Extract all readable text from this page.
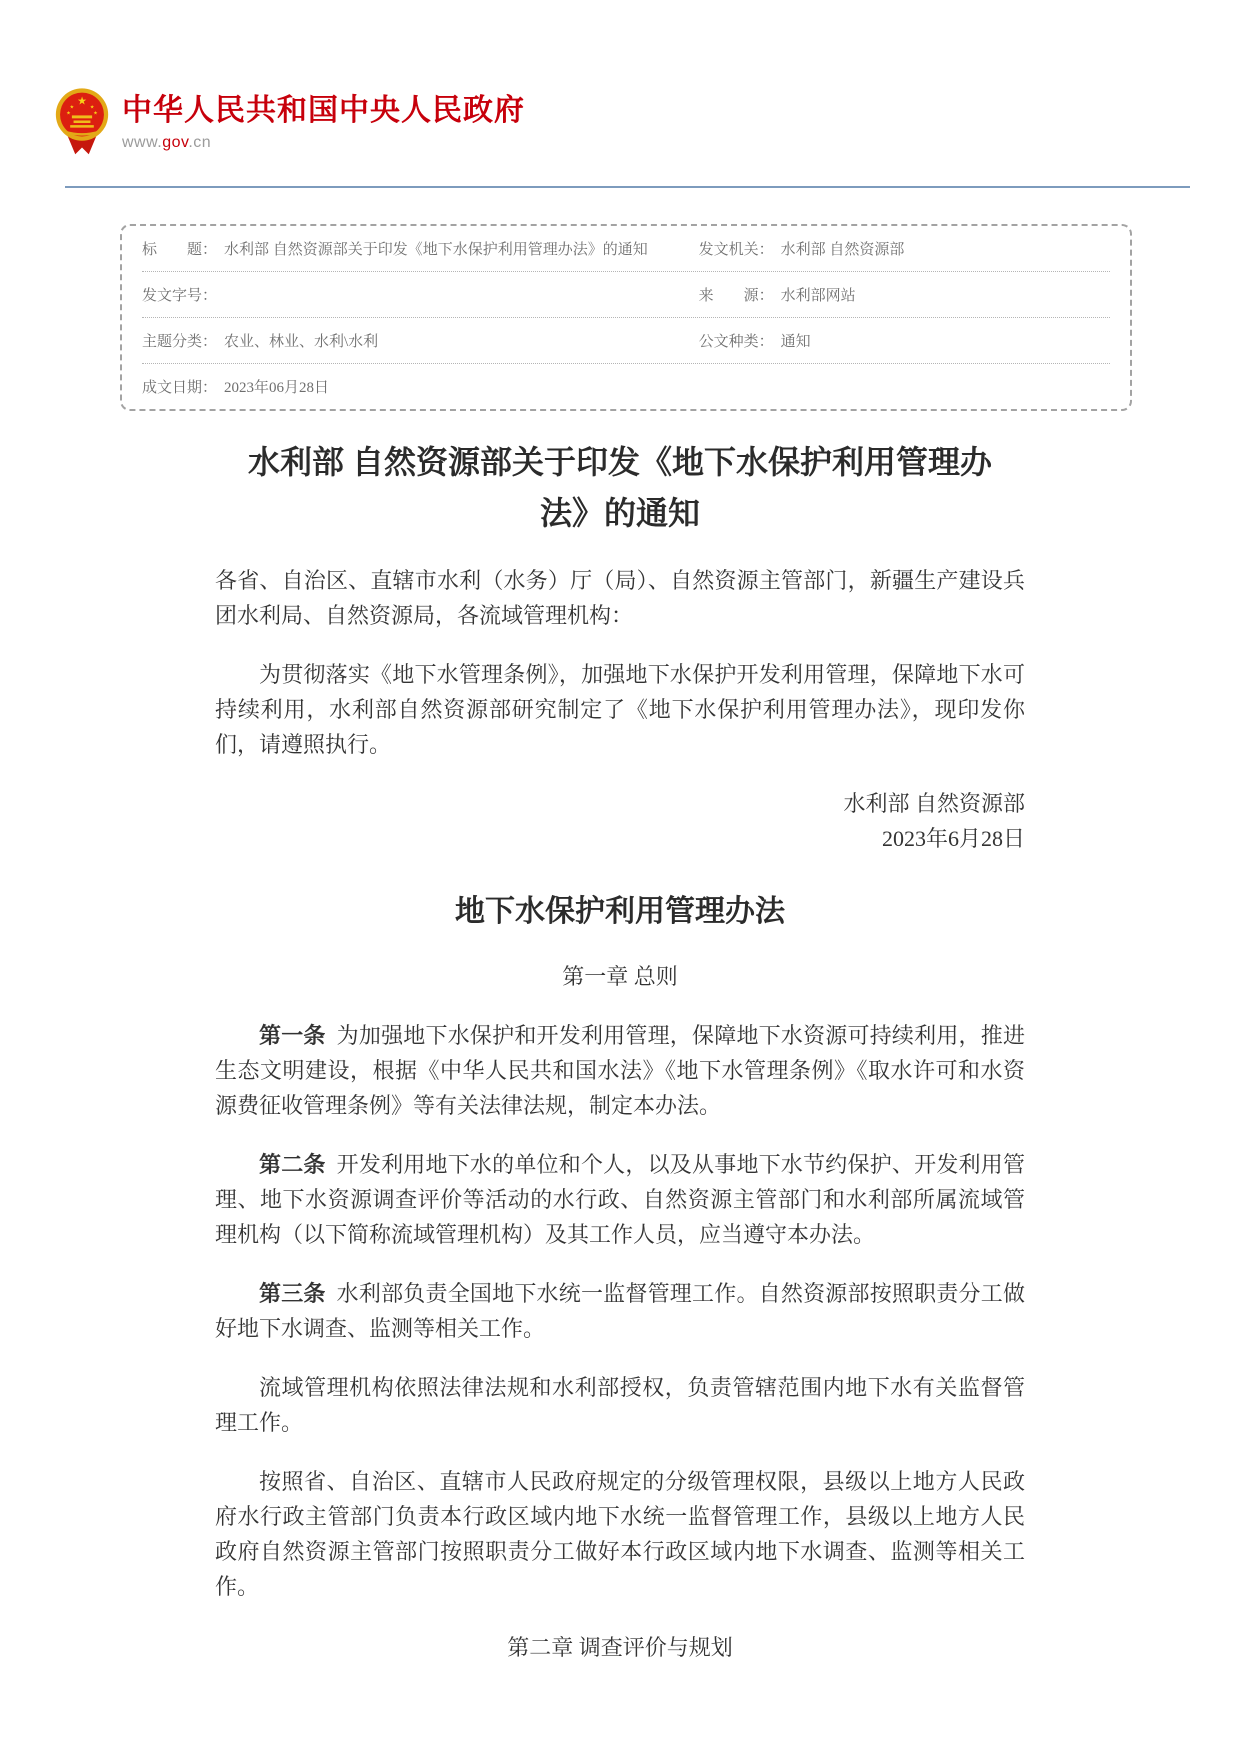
★
★	★
★	★ 中华人民共和国中央人民政府
www.gov.cn
标　　题： 水利部 自然资源部关于印发《地下水保护利用管理办法》的通知	发文机关： 水利部 自然资源部
发文字号：	来　　源： 水利部网站
主题分类： 农业、林业、水利\水利	公文种类： 通知
成文日期： 2023年06月28日
水利部 自然资源部关于印发《地下水保护利用管理办法》的通知

各省、自治区、直辖市水利（水务）厅（局）、自然资源主管部门，新疆生产建设兵团水利局、自然资源局，各流域管理机构：

为贯彻落实《地下水管理条例》，加强地下水保护开发利用管理，保障地下水可持续利用，水利部自然资源部研究制定了《地下水保护利用管理办法》，现印发你们，请遵照执行。

水利部 自然资源部
2023年6月28日
地下水保护利用管理办法
第一章 总则

第一条 为加强地下水保护和开发利用管理，保障地下水资源可持续利用，推进生态文明建设，根据《中华人民共和国水法》《地下水管理条例》《取水许可和水资源费征收管理条例》等有关法律法规，制定本办法。

第二条 开发利用地下水的单位和个人，以及从事地下水节约保护、开发利用管理、地下水资源调查评价等活动的水行政、自然资源主管部门和水利部所属流域管理机构（以下简称流域管理机构）及其工作人员，应当遵守本办法。

第三条 水利部负责全国地下水统一监督管理工作。自然资源部按照职责分工做好地下水调查、监测等相关工作。

流域管理机构依照法律法规和水利部授权，负责管辖范围内地下水有关监督管理工作。

按照省、自治区、直辖市人民政府规定的分级管理权限，县级以上地方人民政府水行政主管部门负责本行政区域内地下水统一监督管理工作，县级以上地方人民政府自然资源主管部门按照职责分工做好本行政区域内地下水调查、监测等相关工作。

第二章 调查评价与规划
